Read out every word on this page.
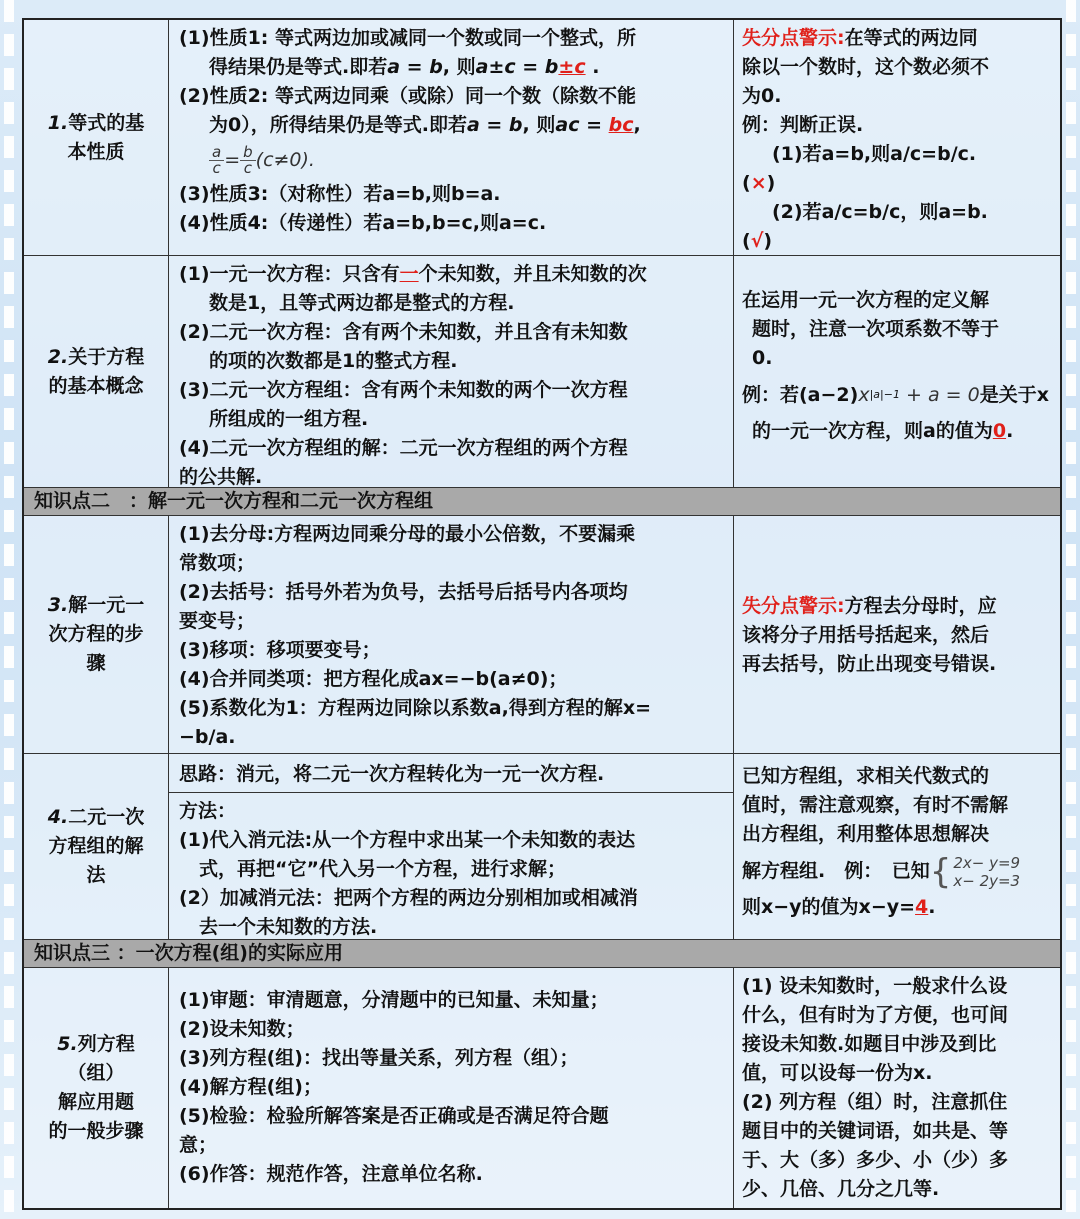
1.等式的基
本性质
(1)性质1: 等式两边加或减同一个数或同一个整式，所
得结果仍是等式.即若a = b, 则a±c = b±c .
(2)性质2: 等式两边同乘（或除）同一个数（除数不能
为0），所得结果仍是等式.即若a = b, 则ac = bc,
$\frac{a}{c} = \frac{b}{c} (c\ne 0)$.
(3)性质3:（对称性）若a=b,则b=a.
(4)性质4:（传递性）若a=b,b=c,则a=c.
失分点警示:在等式的两边同
除以一个数时，这个数必须不
为0.
例：判断正误.
(1)若a=b,则a/c=b/c.
(×)
(2)若a/c=b/c，则a=b.
(√)
2.关于方程
的基本概念
(1)一元一次方程：只含有一个未知数，并且未知数的次
数是1，且等式两边都是整式的方程.
(2)二元一次方程：含有两个未知数，并且含有未知数
的项的次数都是1的整式方程.
(3)二元一次方程组：含有两个未知数的两个一次方程
所组成的一组方程.
(4)二元一次方程组的解：二元一次方程组的两个方程
的公共解.
在运用一元一次方程的定义解
题时，注意一次项系数不等于
0.
例：若$(a-2)x^{|a|-1} + a = 0$是关于x
的一元一次方程，则a的值为0.
知识点二　：解一元一次方程和二元一次方程组
3.解一元一
次方程的步
骤
(1)去分母:方程两边同乘分母的最小公倍数，不要漏乘
常数项；
(2)去括号：括号外若为负号，去括号后括号内各项均
要变号；
(3)移项：移项要变号；
(4)合并同类项：把方程化成ax=−b(a≠0)；
(5)系数化为1：方程两边同除以系数a,得到方程的解x=
−b/a.
失分点警示:方程去分母时，应
该将分子用括号括起来，然后
再去括号，防止出现变号错误.
4.二元一次
方程组的解
法
思路：消元，将二元一次方程转化为一元一次方程.
方法：
(1)代入消元法:从一个方程中求出某一个未知数的表达
式，再把“它”代入另一个方程，进行求解；
(2）加减消元法：把两个方程的两边分别相加或相减消
去一个未知数的方法.
已知方程组，求相关代数式的
值时，需注意观察，有时不需解
出方程组，利用整体思想解决
解方程组.　例：　已知 { 2x− y=9
x− 2y=3
则x−y的值为x−y=4.
知识点三 ：一次方程(组)的实际应用
5.列方程
（组）
解应用题
的一般步骤
(1)审题：审清题意，分清题中的已知量、未知量；
(2)设未知数；
(3)列方程(组)：找出等量关系，列方程（组）；
(4)解方程(组)；
(5)检验：检验所解答案是否正确或是否满足符合题
意；
(6)作答：规范作答，注意单位名称.
(1) 设未知数时，一般求什么设
什么，但有时为了方便，也可间
接设未知数.如题目中涉及到比
值，可以设每一份为x.
(2) 列方程（组）时，注意抓住
题目中的关键词语，如共是、等
于、大（多）多少、小（少）多
少、几倍、几分之几等.
